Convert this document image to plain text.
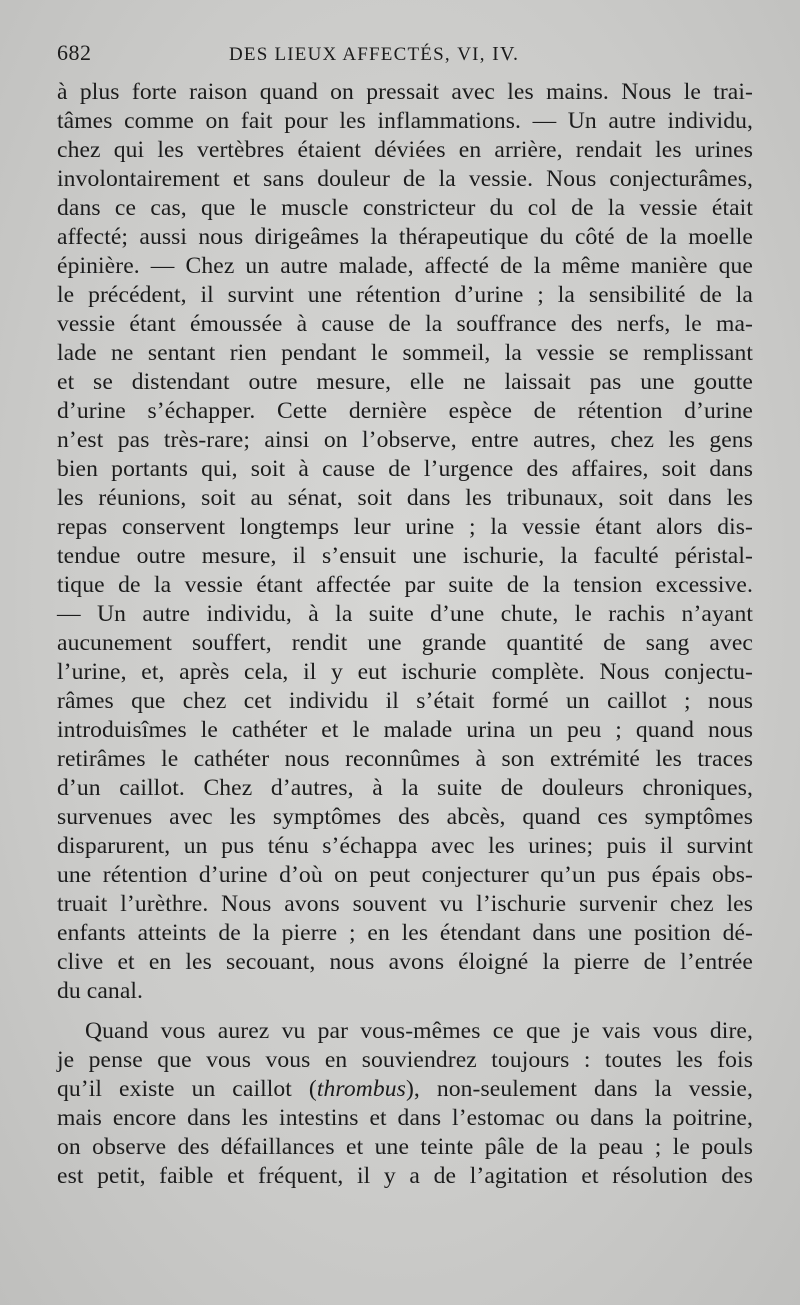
682	DES LIEUX AFFECTÉS, VI, IV.
à plus forte raison quand on pressait avec les mains. Nous le trai-
tâmes comme on fait pour les inflammations. — Un autre individu,
chez qui les vertèbres étaient déviées en arrière, rendait les urines
involontairement et sans douleur de la vessie. Nous conjecturâmes,
dans ce cas, que le muscle constricteur du col de la vessie était
affecté; aussi nous dirigeâmes la thérapeutique du côté de la moelle
épinière. — Chez un autre malade, affecté de la même manière que
le précédent, il survint une rétention d’urine ; la sensibilité de la
vessie étant émoussée à cause de la souffrance des nerfs, le ma-
lade ne sentant rien pendant le sommeil, la vessie se remplissant
et se distendant outre mesure, elle ne laissait pas une goutte
d’urine s’échapper. Cette dernière espèce de rétention d’urine
n’est pas très-rare; ainsi on l’observe, entre autres, chez les gens
bien portants qui, soit à cause de l’urgence des affaires, soit dans
les réunions, soit au sénat, soit dans les tribunaux, soit dans les
repas conservent longtemps leur urine ; la vessie étant alors dis-
tendue outre mesure, il s’ensuit une ischurie, la faculté péristal-
tique de la vessie étant affectée par suite de la tension excessive.
— Un autre individu, à la suite d’une chute, le rachis n’ayant
aucunement souffert, rendit une grande quantité de sang avec
l’urine, et, après cela, il y eut ischurie complète. Nous conjectu-
râmes que chez cet individu il s’était formé un caillot ; nous
introduisîmes le cathéter et le malade urina un peu ; quand nous
retirâmes le cathéter nous reconnûmes à son extrémité les traces
d’un caillot. Chez d’autres, à la suite de douleurs chroniques,
survenues avec les symptômes des abcès, quand ces symptômes
disparurent, un pus ténu s’échappa avec les urines; puis il survint
une rétention d’urine d’où on peut conjecturer qu’un pus épais obs-
truait l’urèthre. Nous avons souvent vu l’ischurie survenir chez les
enfants atteints de la pierre ; en les étendant dans une position dé-
clive et en les secouant, nous avons éloigné la pierre de l’entrée
du canal.
Quand vous aurez vu par vous-mêmes ce que je vais vous dire,
je pense que vous vous en souviendrez toujours : toutes les fois
qu’il existe un caillot (thrombus), non-seulement dans la vessie,
mais encore dans les intestins et dans l’estomac ou dans la poitrine,
on observe des défaillances et une teinte pâle de la peau ; le pouls
est petit, faible et fréquent, il y a de l’agitation et résolution des
